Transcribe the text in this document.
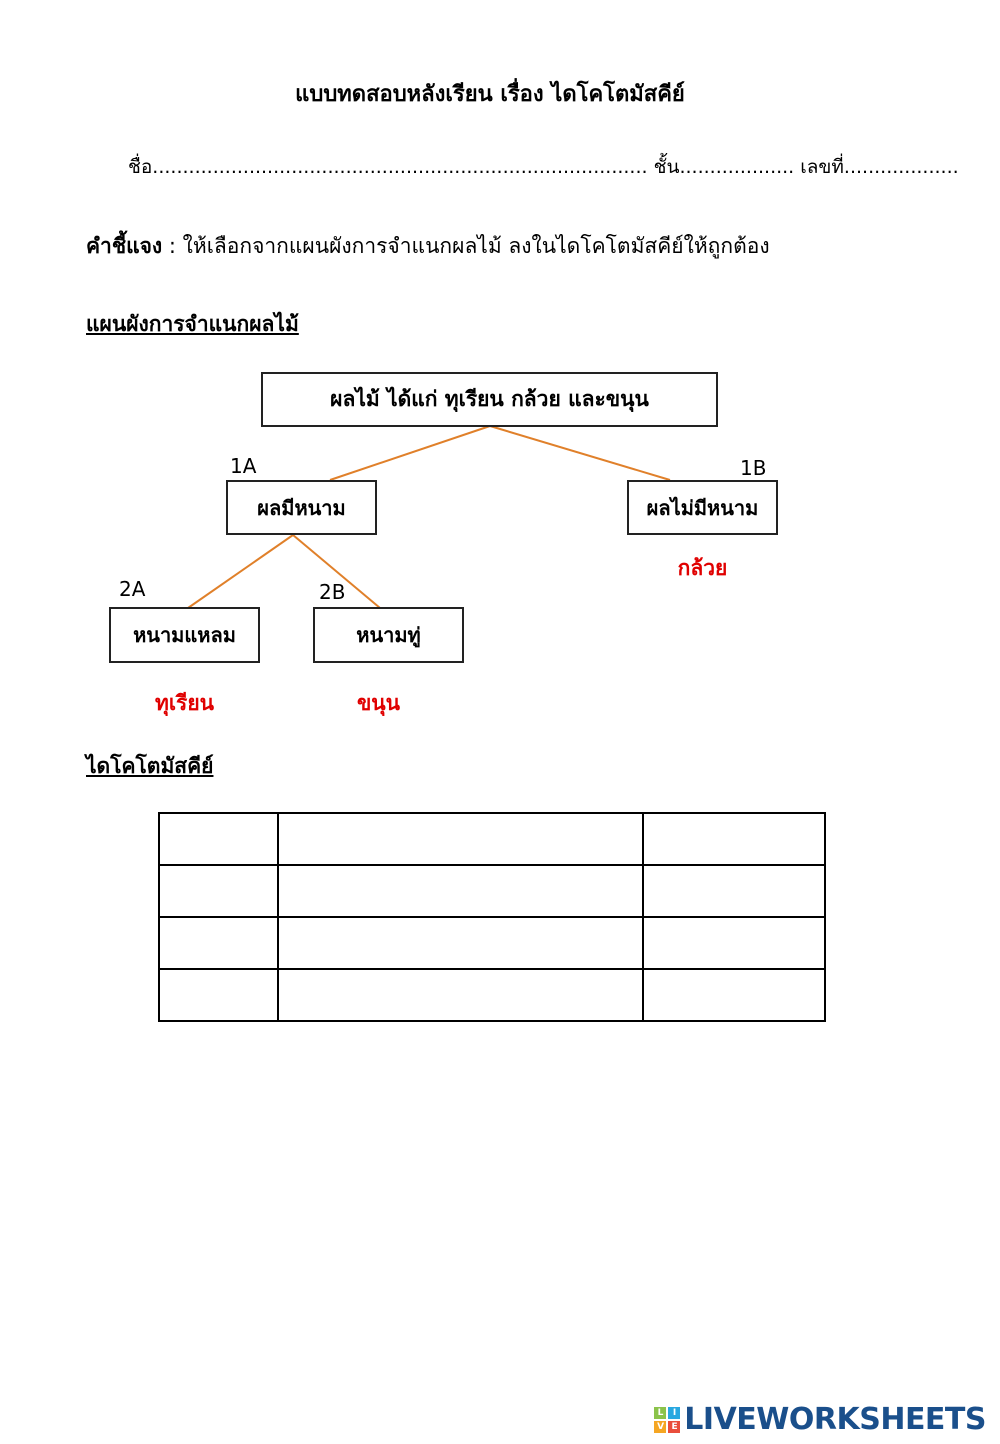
แบบทดสอบหลังเรียน เรื่อง ไดโคโตมัสคีย์
ชื่อ.................................................................................. ชั้น................... เลขที่...................
คำชี้แจง : ให้เลือกจากแผนผังการจำแนกผลไม้ ลงในไดโคโตมัสคีย์ให้ถูกต้อง
แผนผังการจำแนกผลไม้
ผลไม้ ได้แก่ ทุเรียน กล้วย และขนุน
1A
ผลมีหนาม
1B
ผลไม่มีหนาม
กล้วย
2A
หนามแหลม
ทุเรียน
2B
หนามทู่
ขนุน
ไดโคโตมัสคีย์

L	I
V E LIVEWORKSHEETS
